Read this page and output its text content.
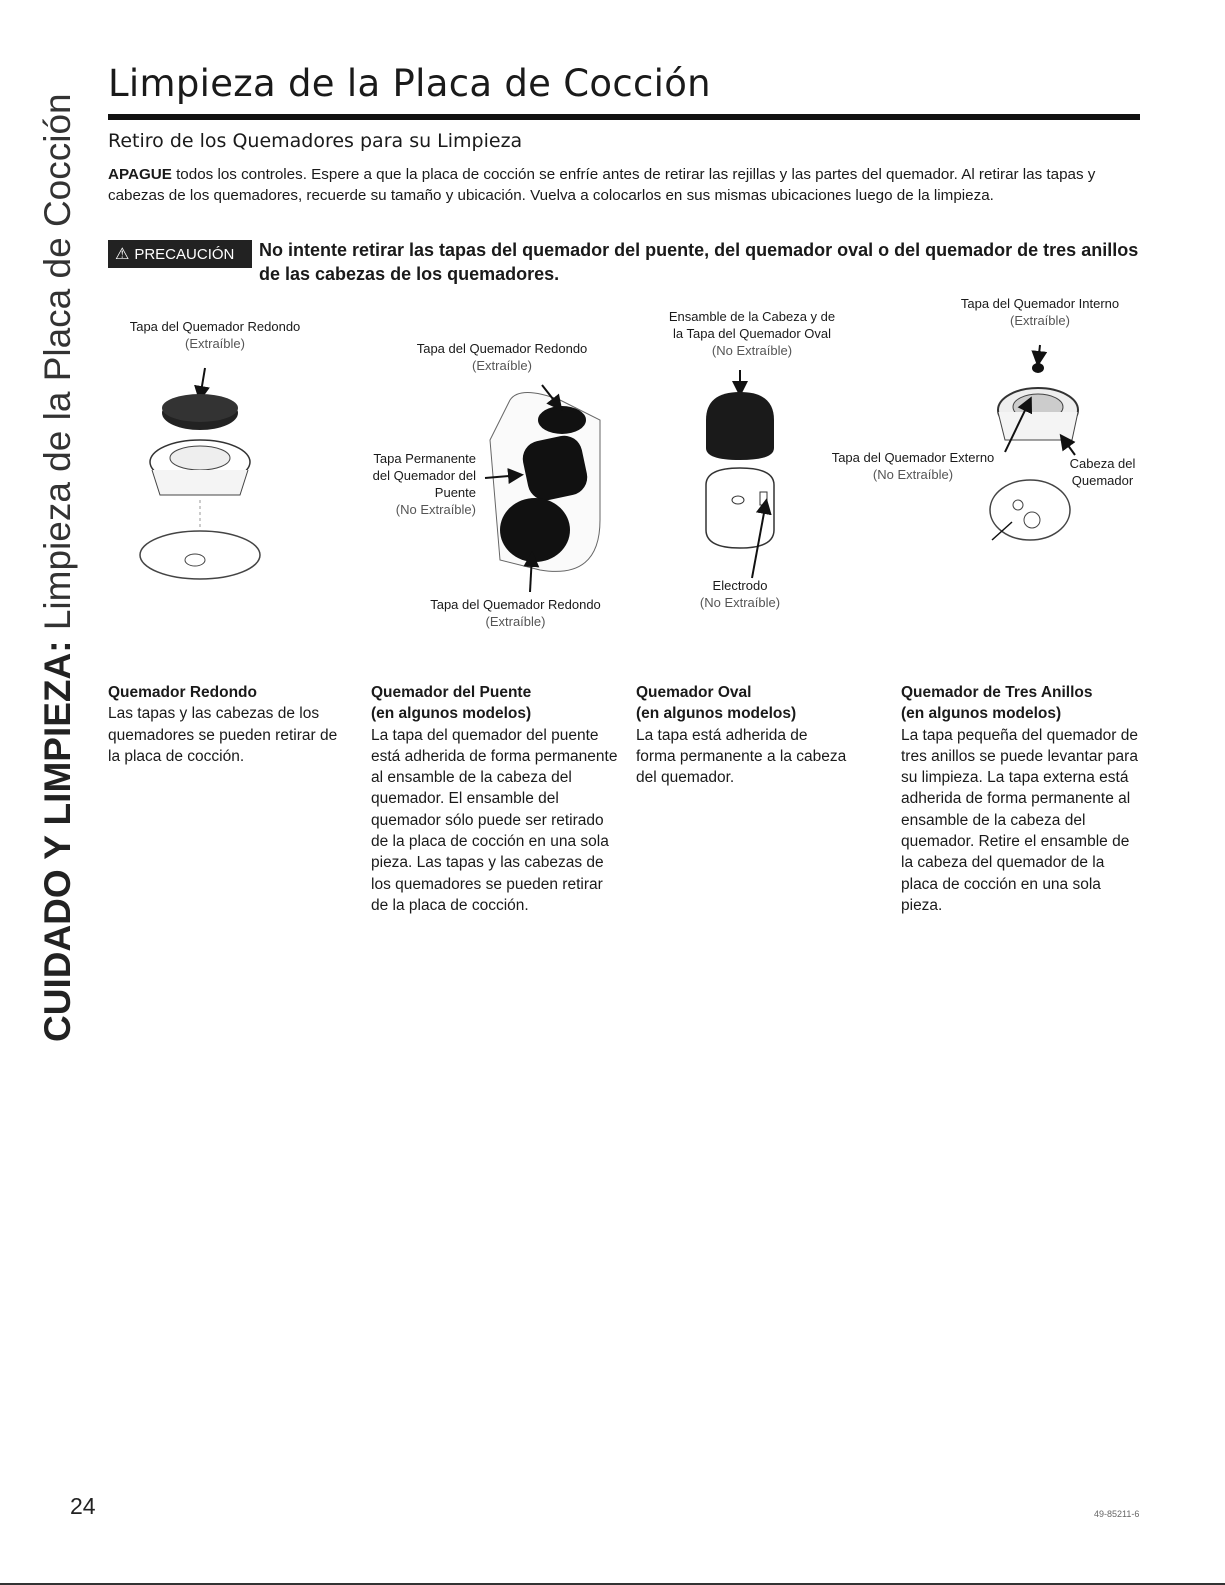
CUIDADO Y LIMPIEZA: Limpieza de la Placa de Cocción
Limpieza de la Placa de Cocción
Retiro de los Quemadores para su Limpieza
APAGUE todos los controles. Espere a que la placa de cocción se enfríe antes de retirar las rejillas y las partes del quemador. Al retirar las tapas y cabezas de los quemadores, recuerde su tamaño y ubicación. Vuelva a colocarlos en sus mismas ubicaciones luego de la limpieza.
⚠ PRECAUCIÓN No intente retirar las tapas del quemador del puente, del quemador oval o del quemador de tres anillos de las cabezas de los quemadores.
Tapa del Quemador Redondo
(Extraíble)	Tapa del Quemador Redondo
(Extraíble)
Tapa Permanente
del Quemador del
Puente
(No Extraíble)
Tapa del Quemador Redondo
(Extraíble)
Ensamble de la Cabeza y de
la Tapa del Quemador Oval
(No Extraíble)
Electrodo
(No Extraíble)
Tapa del Quemador Interno
(Extraíble)
Tapa del Quemador Externo
(No Extraíble)
Cabeza del
Quemador
Quemador Redondo
Las tapas y las cabezas de los quemadores se pueden retirar de la placa de cocción.
Quemador del Puente
(en algunos modelos)
La tapa del quemador del puente está adherida de forma permanente al ensamble de la cabeza del quemador. El ensamble del quemador sólo puede ser retirado de la placa de cocción en una sola pieza. Las tapas y las cabezas de los quemadores se pueden retirar de la placa de cocción.
Quemador Oval
(en algunos modelos)
La tapa está adherida de forma permanente a la cabeza del quemador.
Quemador de Tres Anillos
(en algunos modelos)
La tapa pequeña del quemador de tres anillos se puede levantar para su limpieza. La tapa externa está adherida de forma permanente al ensamble de la cabeza del quemador. Retire el ensamble de la cabeza del quemador de la placa de cocción en una sola pieza.
24	49-85211-6
